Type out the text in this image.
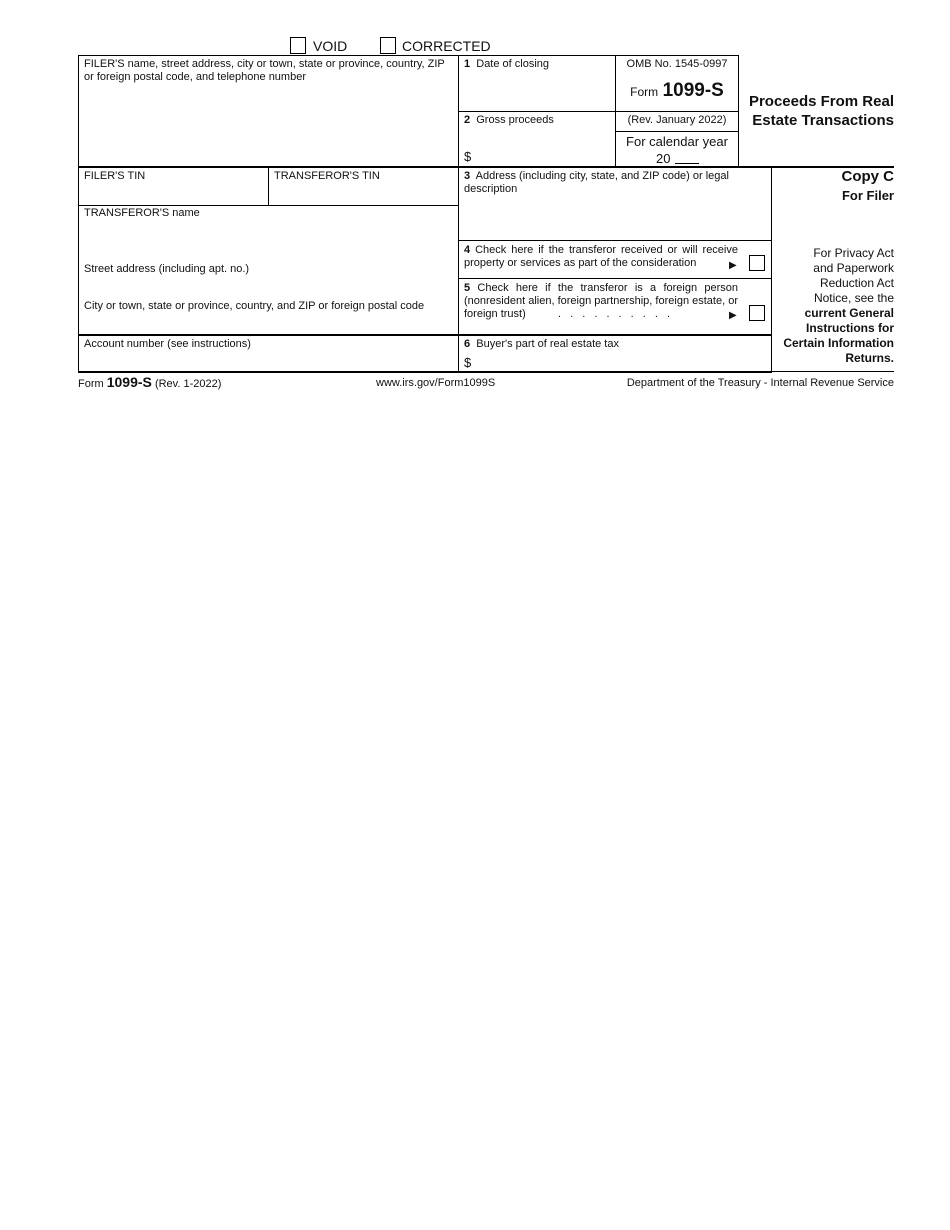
VOID	CORRECTED
FILER'S name, street address, city or town, state or province, country, ZIP or foreign postal code, and telephone number
FILER'S TIN	TRANSFEROR'S TIN
TRANSFEROR'S name
Street address (including apt. no.)
City or town, state or province, country, and ZIP or foreign postal code
Account number (see instructions)
1 Date of closing
2 Gross proceeds
$
OMB No. 1545-0997
Form 1099-S
(Rev. January 2022)
For calendar year
20
Proceeds From Real
Estate Transactions
3 Address (including city, state, and ZIP code) or legal description
4 Check here if the transferor received or will receive property or services as part of the consideration	▶
5 Check here if the transferor is a foreign person (nonresident alien, foreign partnership, foreign estate, or foreign trust)	. . . . . . . . . .	▶
6 Buyer's part of real estate tax
$
Copy C
For Filer
For Privacy Act
and Paperwork
Reduction Act
Notice, see the
current General
Instructions for
Certain Information
Returns.
Form 1099-S (Rev. 1-2022)	www.irs.gov/Form1099S	Department of the Treasury - Internal Revenue Service
